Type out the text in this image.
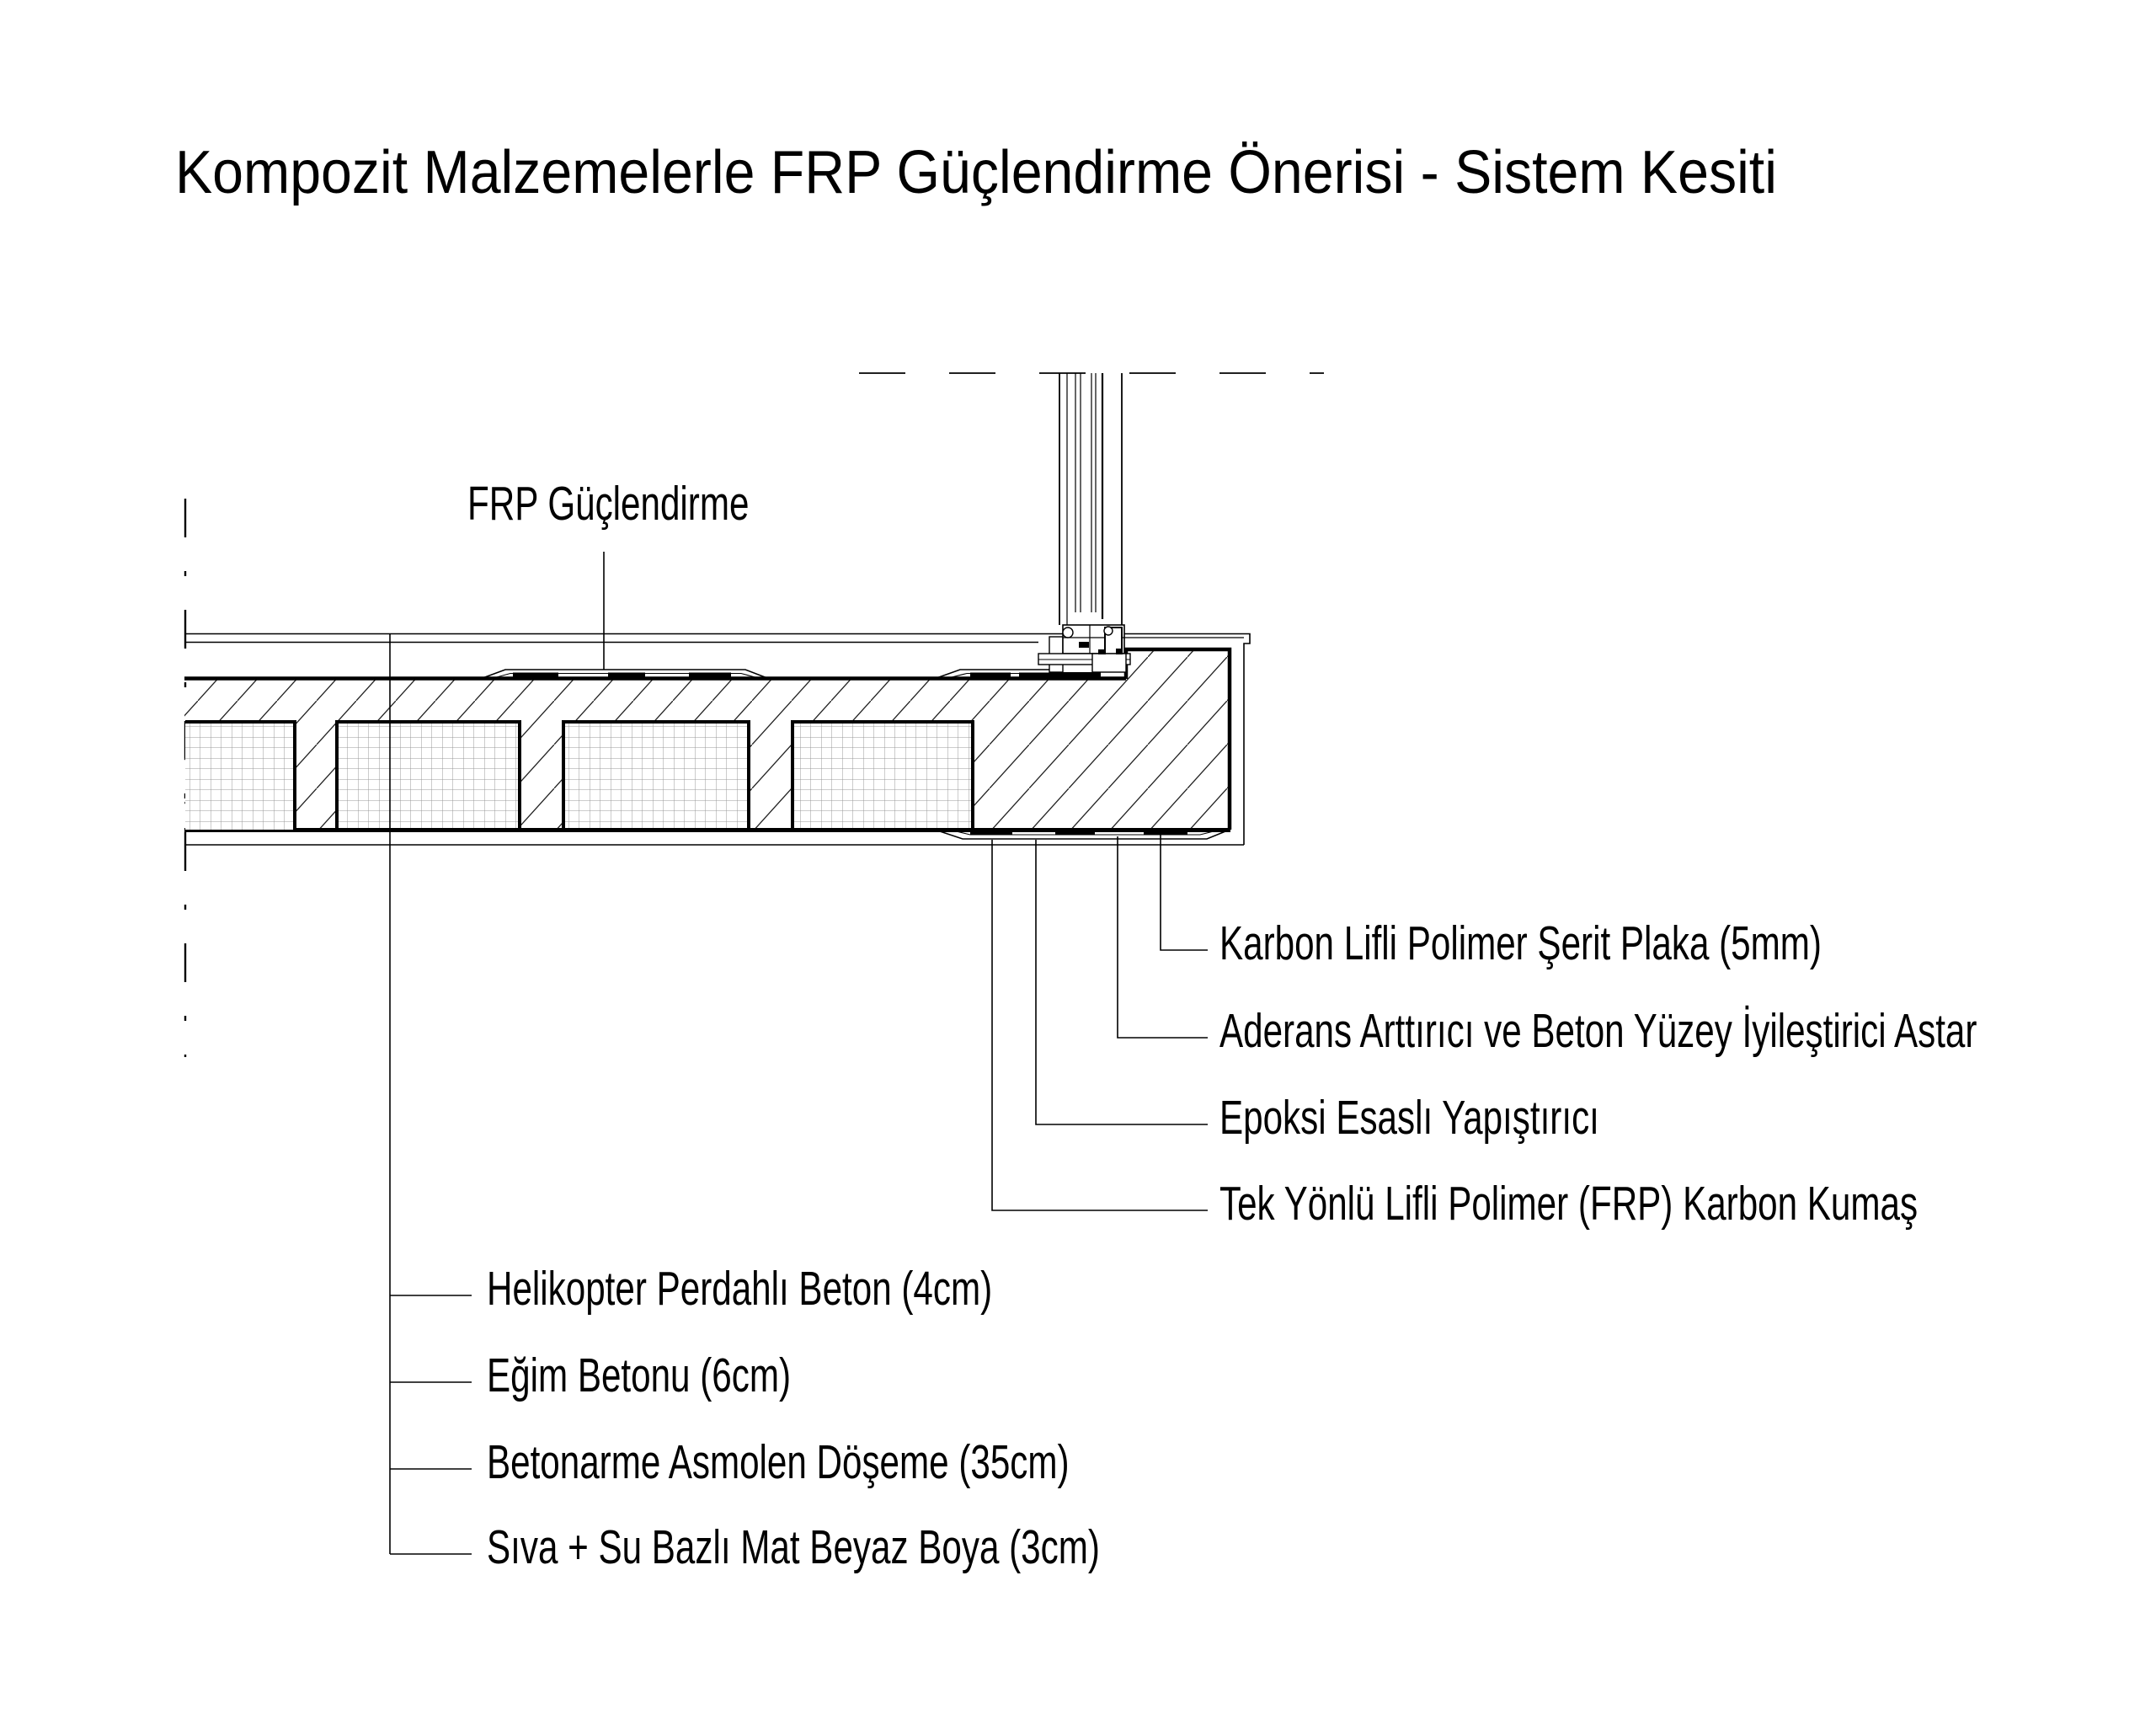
Kompozit Malzemelerle FRP Güçlendirme Önerisi - Sistem Kesiti
FRP Güçlendirme
Karbon Lifli Polimer Şerit Plaka (5mm)
Aderans Arttırıcı ve Beton Yüzey İyileştirici Astar
Epoksi Esaslı Yapıştırıcı
Tek Yönlü Lifli Polimer (FRP) Karbon Kumaş
Helikopter Perdahlı Beton (4cm)
Eğim Betonu (6cm)
Betonarme Asmolen Döşeme (35cm)
Sıva + Su Bazlı Mat Beyaz Boya (3cm)
